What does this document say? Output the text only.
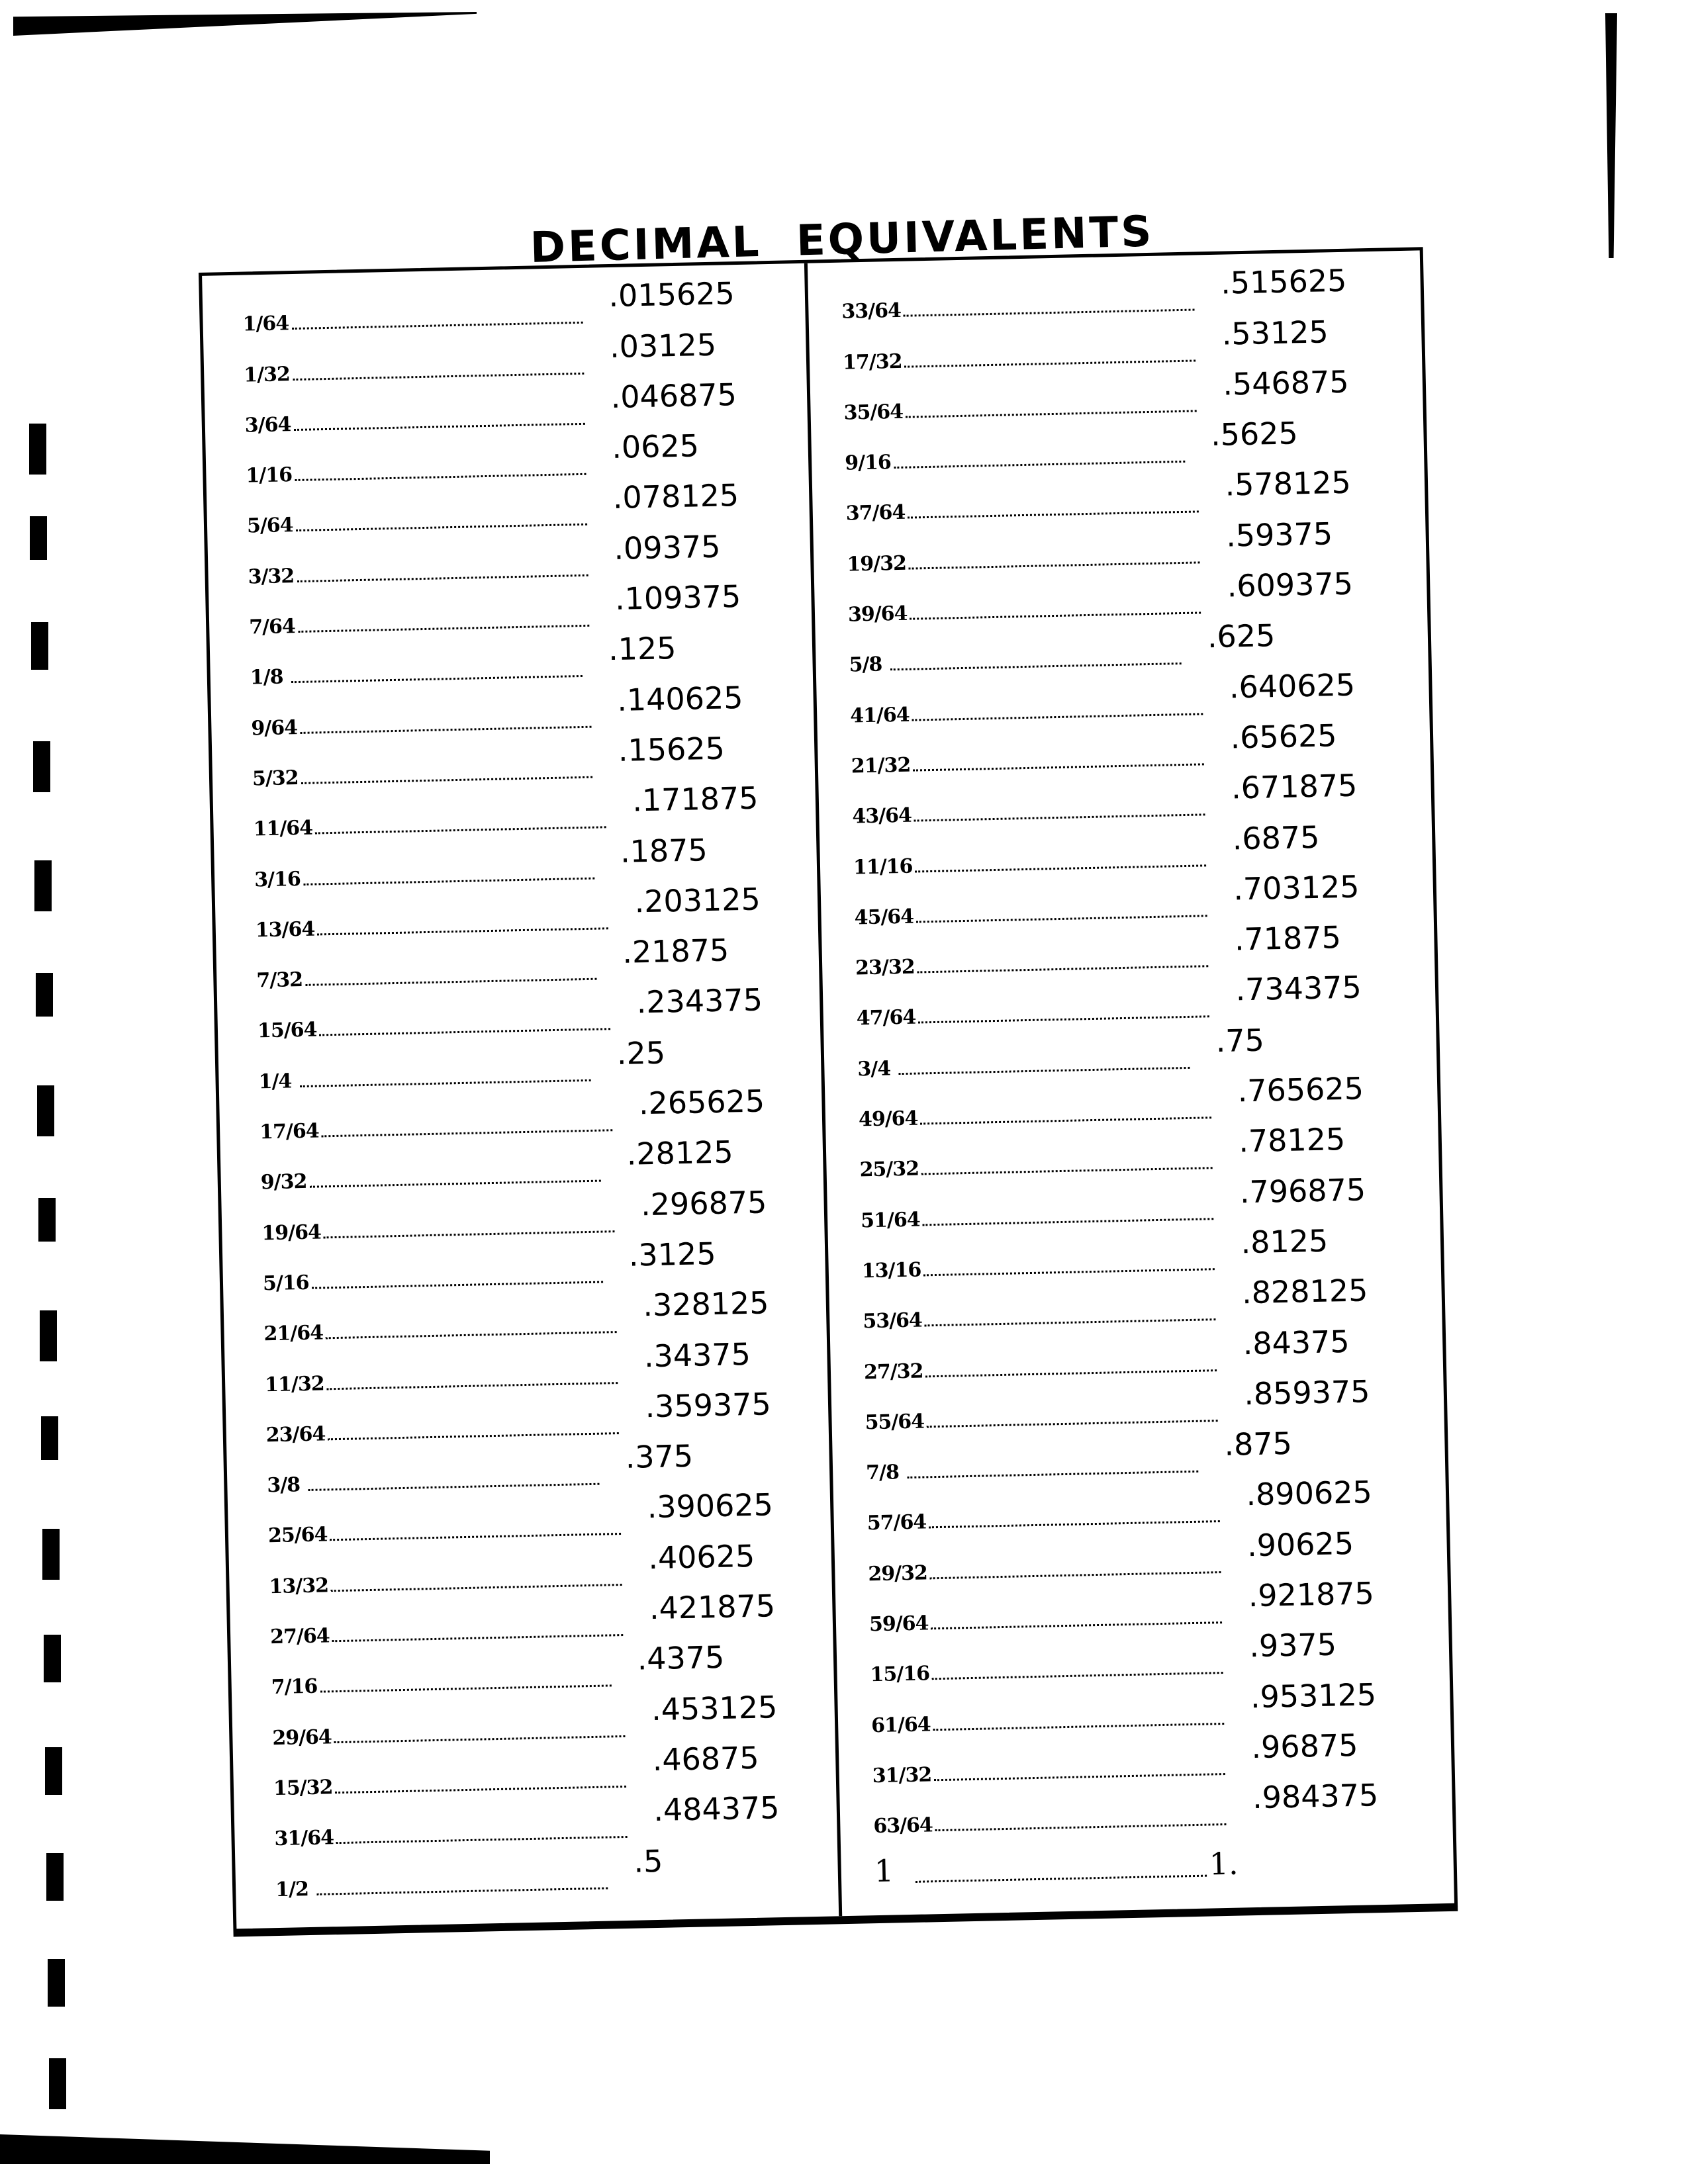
DECIMAL  EQUIVALENTS
1/64
.015625
1/32
.03125
3/64
.046875
1/16
.0625
5/64
.078125
3/32
.09375
7/64
.109375
1/8
.125
9/64
.140625
5/32
.15625
11/64
.171875
3/16
.1875
13/64
.203125
7/32
.21875
15/64
.234375
1/4
.25
17/64
.265625
9/32
.28125
19/64
.296875
5/16
.3125
21/64
.328125
11/32
.34375
23/64
.359375
3/8
.375
25/64
.390625
13/32
.40625
27/64
.421875
7/16
.4375
29/64
.453125
15/32
.46875
31/64
.484375
1/2
.5
33/64
.515625
17/32
.53125
35/64
.546875
9/16
.5625
37/64
.578125
19/32
.59375
39/64
.609375
5/8
.625
41/64
.640625
21/32
.65625
43/64
.671875
11/16
.6875
45/64
.703125
23/32
.71875
47/64
.734375
3/4
.75
49/64
.765625
25/32
.78125
51/64
.796875
13/16
.8125
53/64
.828125
27/32
.84375
55/64
.859375
7/8
.875
57/64
.890625
29/32
.90625
59/64
.921875
15/16
.9375
61/64
.953125
31/32
.96875
63/64
.984375
1	1.
